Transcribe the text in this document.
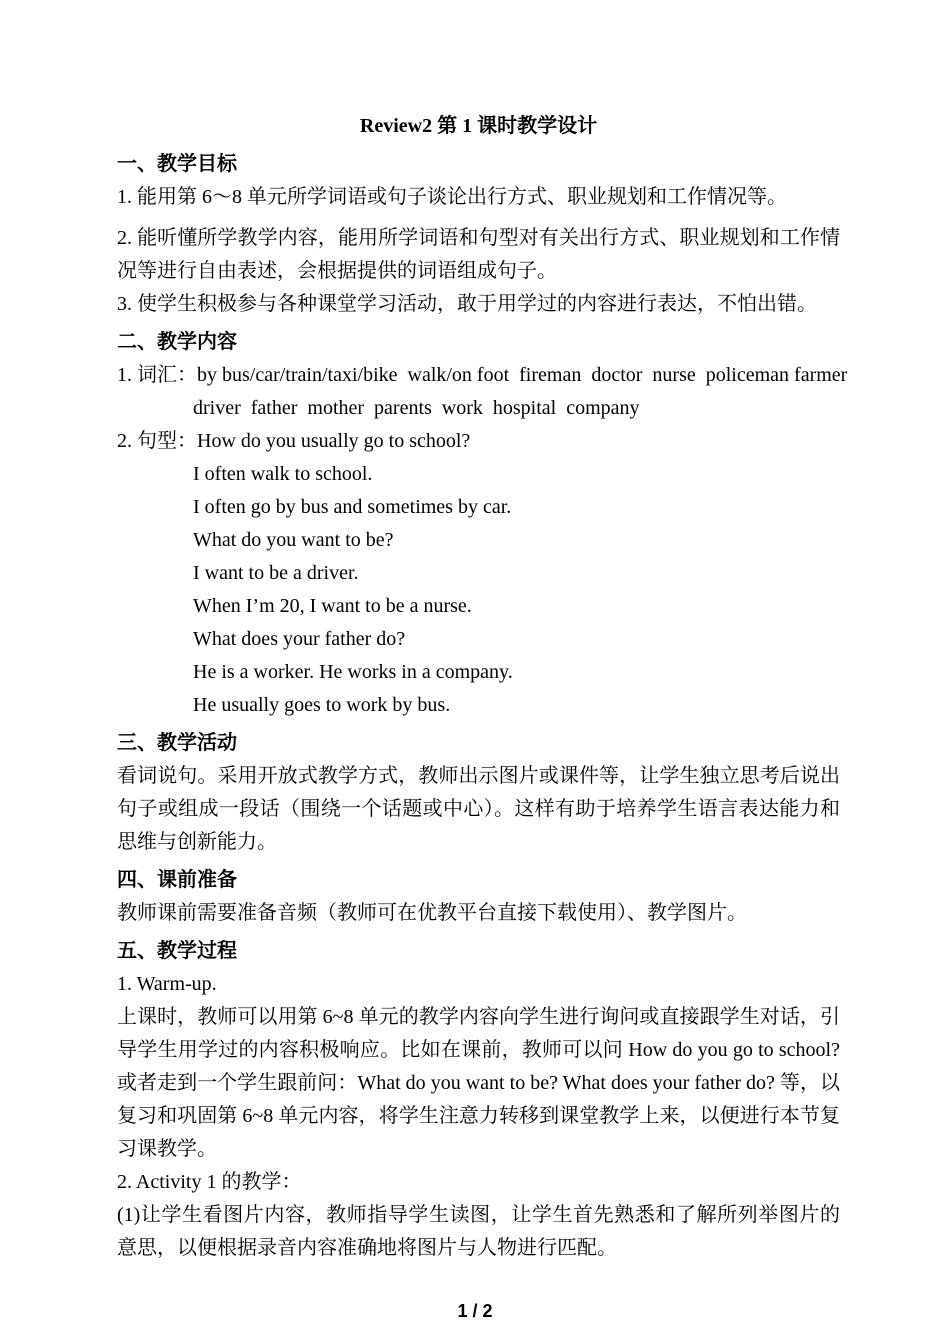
Review2 第 1 课时教学设计
一、教学目标

1. 能用第 6～8 单元所学词语或句子谈论出行方式、职业规划和工作情况等。

2. 能听懂所学教学内容，能用所学词语和句型对有关出行方式、职业规划和工作情况等进行自由表述，会根据提供的词语组成句子。

3. 使学生积极参与各种课堂学习活动，敢于用学过的内容进行表达，不怕出错。

二、教学内容
1. 词汇： by bus/car/train/taxi/bike  walk/on foot  fireman  doctor  nurse  policeman farmer
driver  father  mother  parents  work  hospital  company
2. 句型： How do you usually go to school?
I often walk to school.
I often go by bus and sometimes by car.
What do you want to be?
I want to be a driver.
When I’m 20, I want to be a nurse.
What does your father do?
He is a worker. He works in a company.
He usually goes to work by bus.
三、教学活动

看词说句。采用开放式教学方式，教师出示图片或课件等，让学生独立思考后说出句子或组成一段话（围绕一个话题或中心）。这样有助于培养学生语言表达能力和思维与创新能力。

四、课前准备

教师课前需要准备音频（教师可在优教平台直接下载使用）、教学图片。

五、教学过程

1. Warm-up.

上课时，教师可以用第 6~8 单元的教学内容向学生进行询问或直接跟学生对话，引导学生用学过的内容积极响应。比如在课前，教师可以问 How do you go to school? 或者走到一个学生跟前问：What do you want to be? What does your father do? 等，以复习和巩固第 6~8 单元内容，将学生注意力转移到课堂教学上来，以便进行本节复习课教学。

2. Activity 1 的教学：

(1)让学生看图片内容，教师指导学生读图，让学生首先熟悉和了解所列举图片的意思，以便根据录音内容准确地将图片与人物进行匹配。

1 / 2
